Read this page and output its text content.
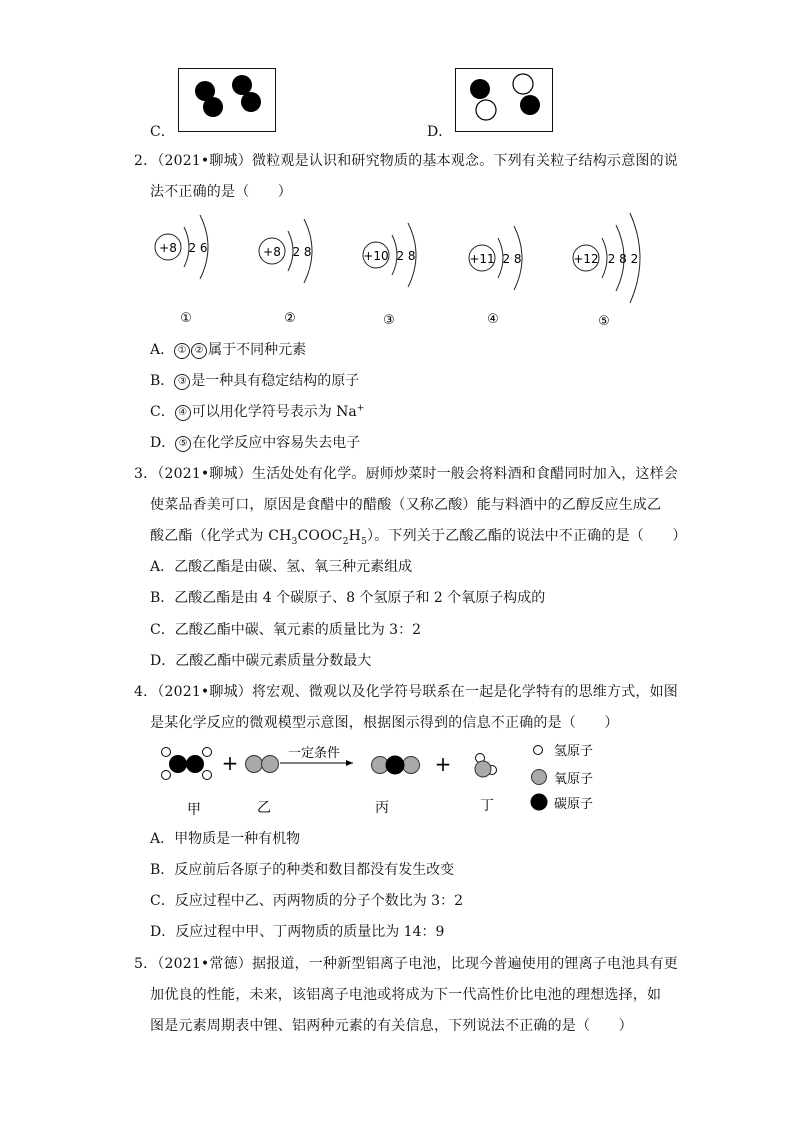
C．	D．
2．（2021•聊城）微粒观是认识和研究物质的基本观念。下列有关粒子结构示意图的说
法不正确的是（　　）
+8 2 6
①
+8 2 8
②
+10 2 8
③
+11 2 8
④
+12 2 8 2
⑤
A． ① ② 属于不同种元素
B． ③ 是一种具有稳定结构的原子
C． ④ 可以用化学符号表示为 Na+
D． ⑤ 在化学反应中容易失去电子
3．（2021•聊城）生活处处有化学。厨师炒菜时一般会将料酒和食醋同时加入，这样会
使菜品香美可口，原因是食醋中的醋酸（又称乙酸）能与料酒中的乙醇反应生成乙
酸乙酯（化学式为 $CH_3COOC_2H_5$）。下列关于乙酸乙酯的说法中不正确的是（　　）
A．乙酸乙酯是由碳、氢、氧三种元素组成
B．乙酸乙酯是由 4 个碳原子、8 个氢原子和 2 个氧原子构成的
C．乙酸乙酯中碳、氧元素的质量比为 3：2
D．乙酸乙酯中碳元素质量分数最大
4．（2021•聊城）将宏观、微观以及化学符号联系在一起是化学特有的思维方式，如图
是某化学反应的微观模型示意图，根据图示得到的信息不正确的是（　　）
+	一定条件	+
甲	乙	丙	丁
氢原子
氧原子
碳原子
A．甲物质是一种有机物
B．反应前后各原子的种类和数目都没有发生改变
C．反应过程中乙、丙两物质的分子个数比为 3：2
D．反应过程中甲、丁两物质的质量比为 14：9
5．（2021•常德）据报道，一种新型铝离子电池，比现今普遍使用的锂离子电池具有更
加优良的性能，未来，该铝离子电池或将成为下一代高性价比电池的理想选择，如
图是元素周期表中锂、铝两种元素的有关信息，下列说法不正确的是（　　）
